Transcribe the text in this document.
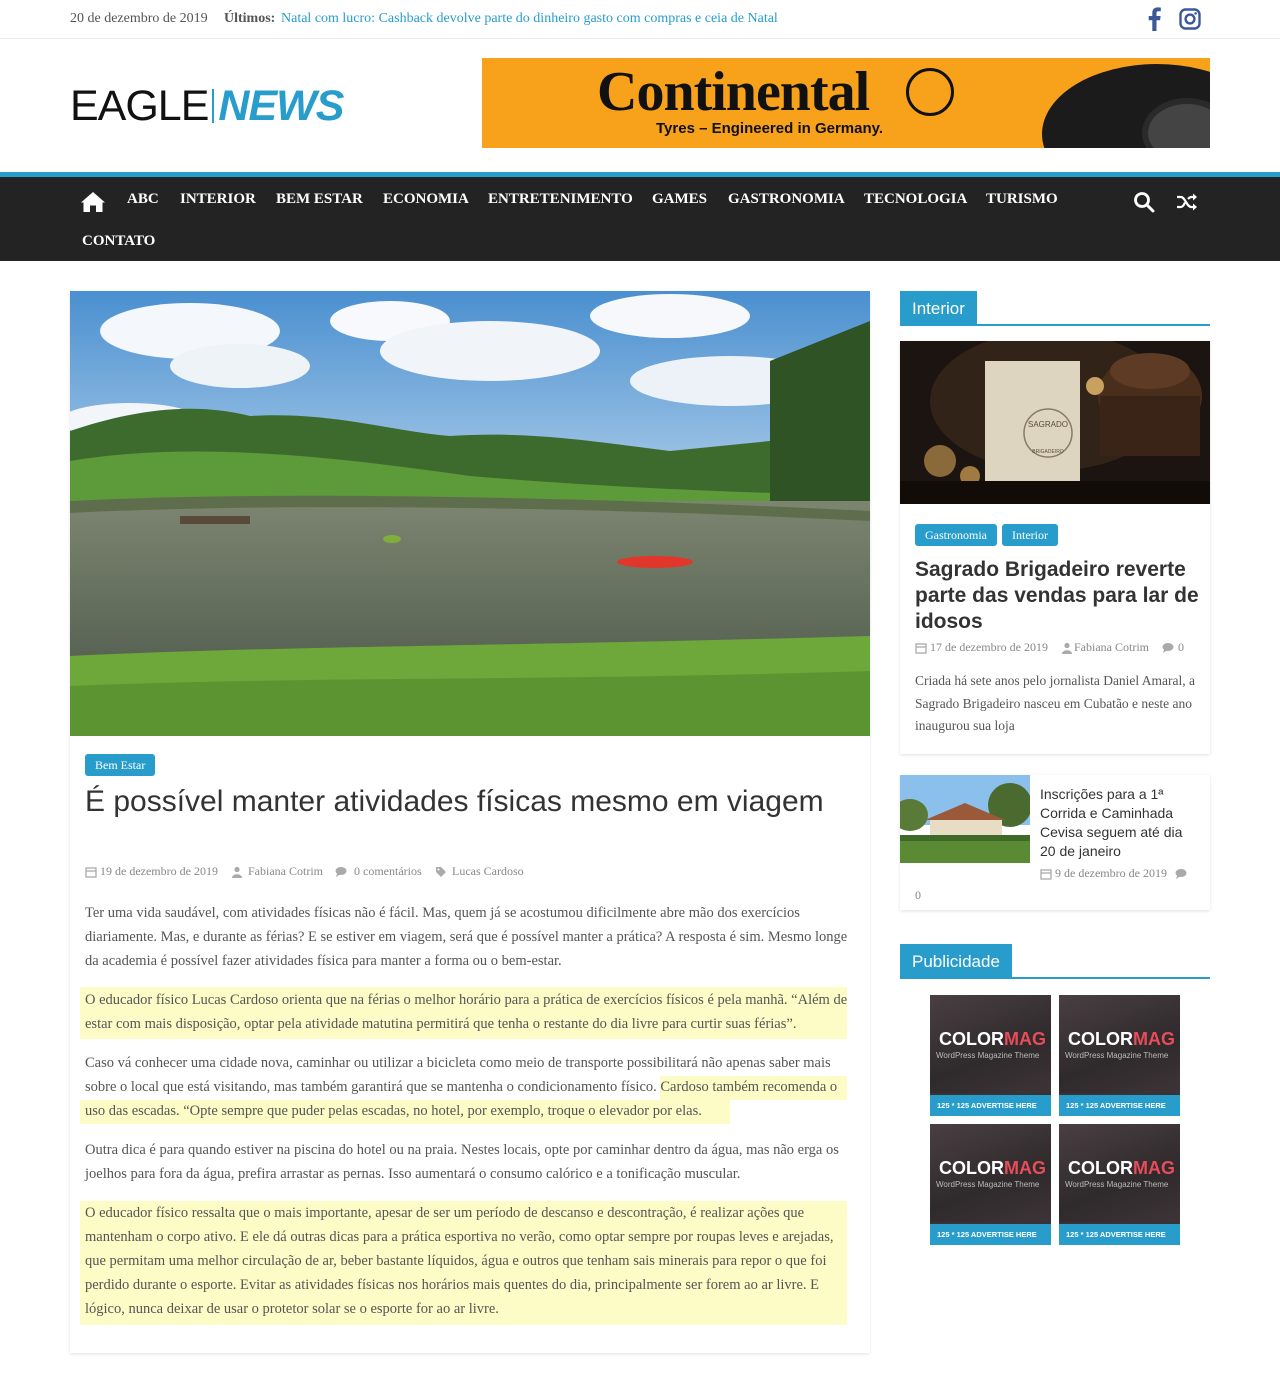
20 de dezembro de 2019 Últimos: Natal com lucro: Cashback devolve parte do dinheiro gasto com compras e ceia de Natal
EAGLE NEWS	Continental
Tyres – Engineered in Germany.
ABC INTERIOR BEM ESTAR ECONOMIA ENTRETENIMENTO GAMES GASTRONOMIA TECNOLOGIA TURISMO
CONTATO
Bem Estar
É possível manter atividades físicas mesmo em viagem
19 de dezembro de 2019	Fabiana Cotrim	0 comentários	Lucas Cardoso

Ter uma vida saudável, com atividades físicas não é fácil. Mas, quem já se acostumou dificilmente abre mão dos exercícios diariamente. Mas, e durante as férias? E se estiver em viagem, será que é possível manter a prática? A resposta é sim. Mesmo longe da academia é possível fazer atividades física para manter a forma ou o bem-estar.

O educador físico Lucas Cardoso orienta que na férias o melhor horário para a prática de exercícios físicos é pela manhã. “Além de estar com mais disposição, optar pela atividade matutina permitirá que tenha o restante do dia livre para curtir suas férias”.

Caso vá conhecer uma cidade nova, caminhar ou utilizar a bicicleta como meio de transporte possibilitará não apenas saber mais sobre o local que está visitando, mas também garantirá que se mantenha o condicionamento físico. Cardoso também recomenda o uso das escadas. “Opte sempre que puder pelas escadas, no hotel, por exemplo, troque o elevador por elas.

Outra dica é para quando estiver na piscina do hotel ou na praia. Nestes locais, opte por caminhar dentro da água, mas não erga os joelhos para fora da água, prefira arrastar as pernas. Isso aumentará o consumo calórico e a tonificação muscular.

O educador físico ressalta que o mais importante, apesar de ser um período de descanso e descontração, é realizar ações que mantenham o corpo ativo. E ele dá outras dicas para a prática esportiva no verão, como optar sempre por roupas leves e arejadas, que permitam uma melhor circulação de ar, beber bastante líquidos, água e outros que tenham sais minerais para repor o que foi perdido durante o esporte. Evitar as atividades físicas nos horários mais quentes do dia, principalmente ser forem ao ar livre. E lógico, nunca deixar de usar o protetor solar se o esporte for ao ar livre.

Interior
SAGRADO
BRIGADEIRO
Gastronomia	Interior
Sagrado Brigadeiro reverte parte das vendas para lar de idosos
17 de dezembro de 2019 Fabiana Cotrim 0

Criada há sete anos pelo jornalista Daniel Amaral, a Sagrado Brigadeiro nasceu em Cubatão e neste ano inaugurou sua loja

Inscrições para a 1ª Corrida e Caminhada Cevisa seguem até dia 20 de janeiro

9 de dezembro de 2019
0
Publicidade
COLORMAG
WordPress Magazine Theme
125 * 125 ADVERTISE HERE
COLORMAG
WordPress Magazine Theme
125 * 125 ADVERTISE HERE
COLORMAG
WordPress Magazine Theme
125 * 125 ADVERTISE HERE
COLORMAG
WordPress Magazine Theme
125 * 125 ADVERTISE HERE
